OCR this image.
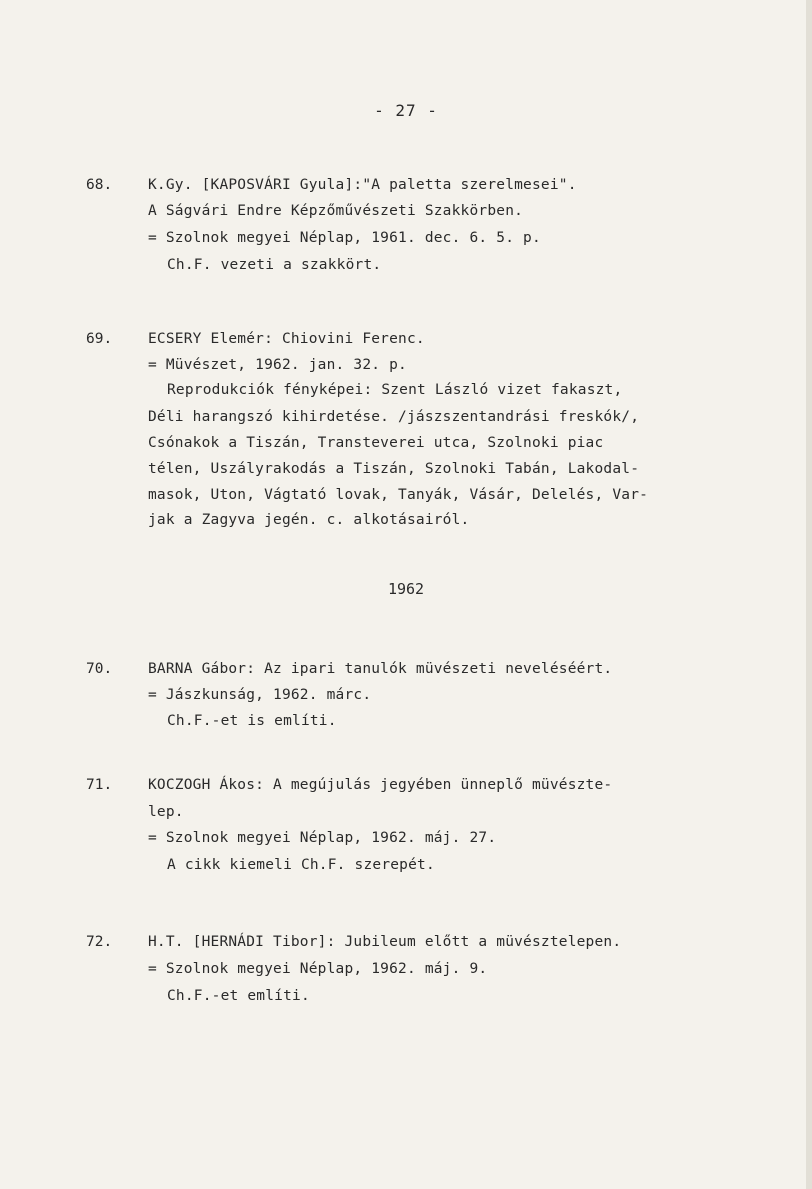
- 27 -
68. K.Gy. [KAPOSVÁRI Gyula]:"A paletta szerelmesei".
A Ságvári Endre Képzőművészeti Szakkörben.
= Szolnok megyei Néplap, 1961. dec. 6. 5. p.
Ch.F. vezeti a szakkört.
69. ECSERY Elemér: Chiovini Ferenc.
= Müvészet, 1962. jan. 32. p.
Reprodukciók fényképei: Szent László vizet fakaszt,
Déli harangszó kihirdetése. /jászszentandrási freskók/,
Csónakok a Tiszán, Transteverei utca, Szolnoki piac
télen, Uszályrakodás a Tiszán, Szolnoki Tabán, Lakodal-
masok, Uton, Vágtató lovak, Tanyák, Vásár, Delelés, Var-
jak a Zagyva jegén. c. alkotásairól.
1962
70. BARNA Gábor: Az ipari tanulók müvészeti neveléséért.
= Jászkunság, 1962. márc.
Ch.F.-et is említi.
71. KOCZOGH Ákos: A megújulás jegyében ünneplő müvészte-
lep.
= Szolnok megyei Néplap, 1962. máj. 27.
A cikk kiemeli Ch.F. szerepét.
72. H.T. [HERNÁDI Tibor]: Jubileum előtt a müvésztelepen.
= Szolnok megyei Néplap, 1962. máj. 9.
Ch.F.-et említi.
